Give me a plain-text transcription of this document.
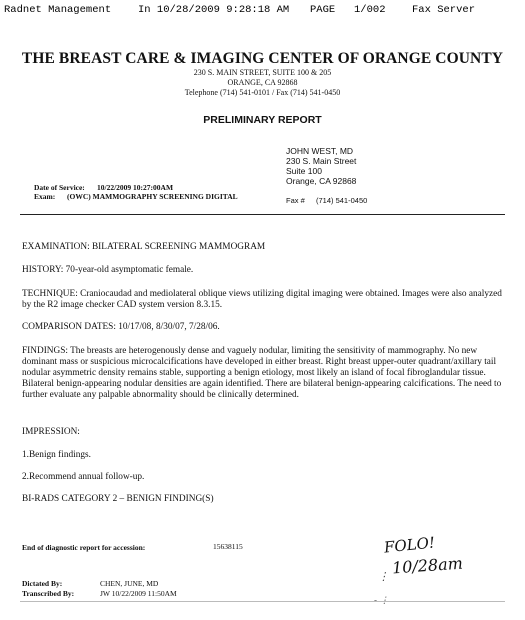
Radnet Management	In 10/28/2009 9:28:18 AM PAGE 1/002	Fax Server
THE BREAST CARE & IMAGING CENTER OF ORANGE COUNTY
230 S. MAIN STREET, SUITE 100 & 205
ORANGE, CA 92868
Telephone (714) 541-0101 / Fax (714) 541-0450
PRELIMINARY REPORT
JOHN WEST, MD
230 S. Main Street
Suite 100
Orange, CA 92868
Fax # (714) 541-0450
Date of Service: 10/22/2009 10:27:00AM
Exam: (OWC) MAMMOGRAPHY SCREENING DIGITAL
EXAMINATION: BILATERAL SCREENING MAMMOGRAM
HISTORY: 70-year-old asymptomatic female.
TECHNIQUE: Craniocaudad and mediolateral oblique views utilizing digital imaging were obtained. Images were also analyzed by the R2 image checker CAD system version 8.3.15.
COMPARISON DATES: 10/17/08, 8/30/07, 7/28/06.
FINDINGS: The breasts are heterogenously dense and vaguely nodular, limiting the sensitivity of mammography. No new dominant mass or suspicious microcalcifications have developed in either breast. Right breast upper-outer quadrant/axillary tail nodular asymmetric density remains stable, supporting a benign etiology, most likely an island of focal fibroglandular tissue. Bilateral benign-appearing nodular densities are again identified. There are bilateral benign-appearing calcifications. The need to further evaluate any palpable abnormality should be clinically determined.
IMPRESSION:
1.Benign findings.
2.Recommend annual follow-up.
BI-RADS CATEGORY 2 – BENIGN FINDING(S)
End of diagnostic report for accession:	15638115
Dictated By:	CHEN, JUNE, MD
Transcribed By:	JW 10/22/2009 11:50AM
FOLO!
10/28am
⋮
- ⋮
